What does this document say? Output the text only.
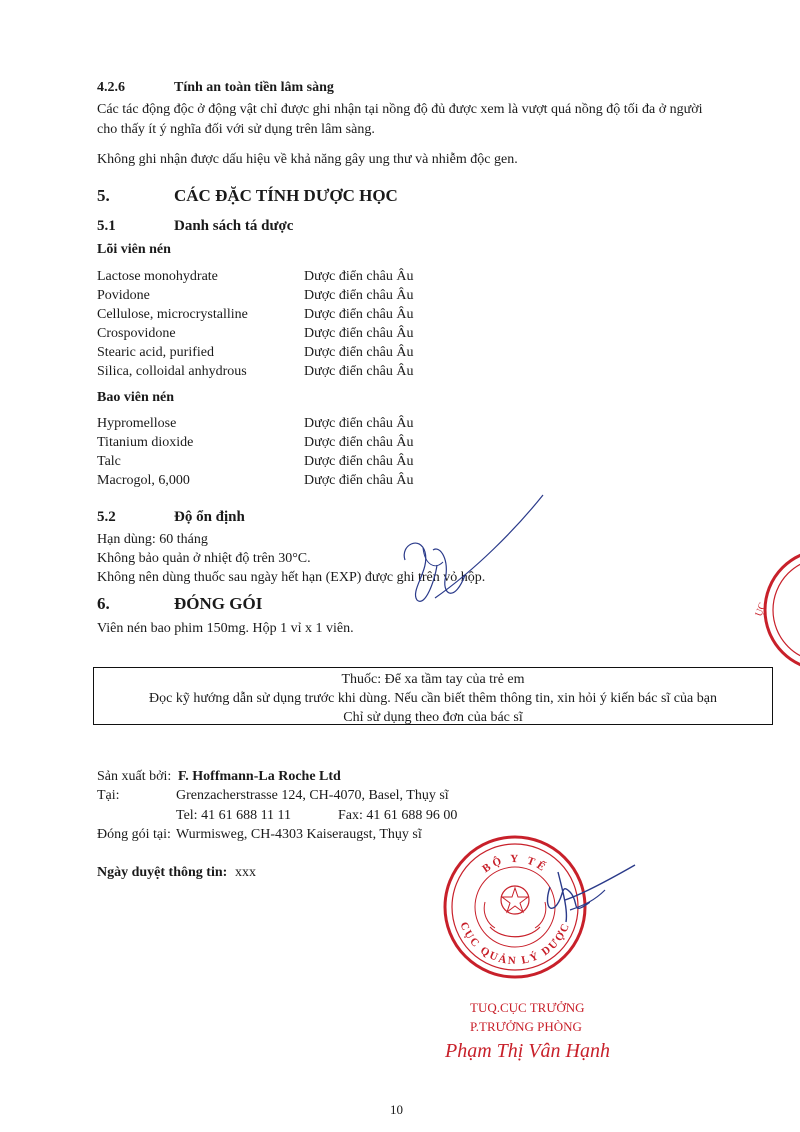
4.2.6	Tính an toàn tiền lâm sàng
Các tác động độc ở động vật chỉ được ghi nhận tại nồng độ đủ được xem là vượt quá nồng độ tối đa ở người
cho thấy ít ý nghĩa đối với sử dụng trên lâm sàng.
Không ghi nhận được dấu hiệu về khả năng gây ung thư và nhiễm độc gen.
5.	CÁC ĐẶC TÍNH DƯỢC HỌC
5.1	Danh sách tá dược
Lõi viên nén
Lactose monohydrate	Dược điển châu Âu
Povidone	Dược điển châu Âu
Cellulose, microcrystalline	Dược điển châu Âu
Crospovidone	Dược điển châu Âu
Stearic acid, purified	Dược điển châu Âu
Silica, colloidal anhydrous	Dược điển châu Âu
Bao viên nén
Hypromellose	Dược điển châu Âu
Titanium dioxide	Dược điển châu Âu
Talc	Dược điển châu Âu
Macrogol, 6,000	Dược điển châu Âu
5.2	Độ ổn định
Hạn dùng: 60 tháng
Không bảo quản ở nhiệt độ trên 30°C.
Không nên dùng thuốc sau ngày hết hạn (EXP) được ghi trên vỏ hộp.
6.	ĐÓNG GÓI
Viên nén bao phim 150mg. Hộp 1 vỉ x 1 viên.
Thuốc: Để xa tầm tay của trẻ em
Đọc kỹ hướng dẫn sử dụng trước khi dùng. Nếu cần biết thêm thông tin, xin hỏi ý kiến bác sĩ của bạn
Chỉ sử dụng theo đơn của bác sĩ
Sản xuất bởi: F. Hoffmann-La Roche Ltd
Tại:	Grenzacherstrasse 124, CH-4070, Basel, Thụy sĩ
Tel: 41 61 688 11 11	Fax: 41 61 688 96 00
Đóng gói tại: Wurmisweg, CH-4303 Kaiseraugst, Thụy sĩ
Ngày duyệt thông tin: xxx
ỤC
BỘ Y TẾ
CỤC QUẢN LÝ DƯỢC
TUQ.CỤC TRƯỞNG
P.TRƯỞNG PHÒNG
Phạm Thị Vân Hạnh
10
